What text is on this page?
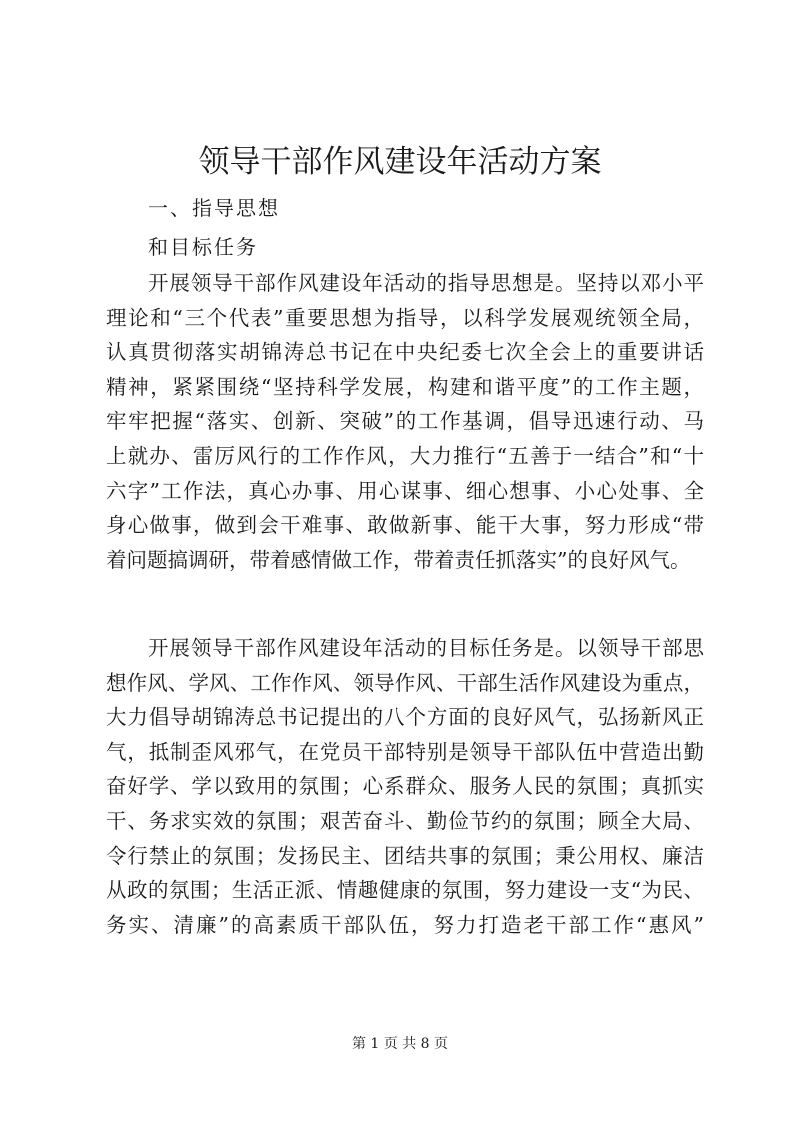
领导干部作风建设年活动方案
一、指导思想
和目标任务
开展领导干部作风建设年活动的指导思想是。坚持以邓小平
理论和“三个代表”重要思想为指导，以科学发展观统领全局，
认真贯彻落实胡锦涛总书记在中央纪委七次全会上的重要讲话
精神，紧紧围绕“坚持科学发展，构建和谐平度”的工作主题，
牢牢把握“落实、创新、突破”的工作基调，倡导迅速行动、马
上就办、雷厉风行的工作作风，大力推行“五善于一结合”和“十
六字”工作法，真心办事、用心谋事、细心想事、小心处事、全
身心做事，做到会干难事、敢做新事、能干大事，努力形成“带
着问题搞调研，带着感情做工作，带着责任抓落实”的良好风气。
开展领导干部作风建设年活动的目标任务是。以领导干部思
想作风、学风、工作作风、领导作风、干部生活作风建设为重点，
大力倡导胡锦涛总书记提出的八个方面的良好风气，弘扬新风正
气，抵制歪风邪气，在党员干部特别是领导干部队伍中营造出勤
奋好学、学以致用的氛围；心系群众、服务人民的氛围；真抓实
干、务求实效的氛围；艰苦奋斗、勤俭节约的氛围；顾全大局、
令行禁止的氛围；发扬民主、团结共事的氛围；秉公用权、廉洁
从政的氛围；生活正派、情趣健康的氛围，努力建设一支“为民、
务实、清廉”的高素质干部队伍，努力打造老干部工作“惠风”
第 1 页 共 8 页
